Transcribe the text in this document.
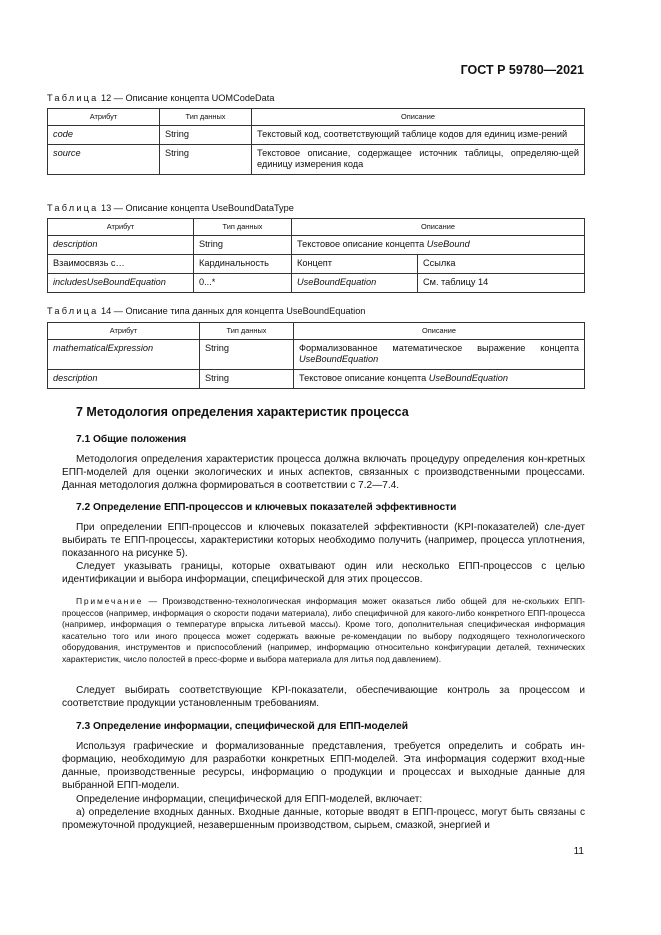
ГОСТ Р 59780—2021
Таблица 12 — Описание концепта UOMCodeData
Атрибут	Тип данных	Описание
code	String	Текстовый код, соответствующий таблице кодов для единиц изме-рений
source	String	Текстовое описание, содержащее источник таблицы, определяю-щей единицу измерения кода
Таблица 13 — Описание концепта UseBoundDataType
Атрибут	Тип данных	Описание	
description	String	Текстовое описание концепта UseBound	
Взаимосвязь с…	Кардинальность	Концепт	Ссылка
includesUseBoundEquation	0...*	UseBoundEquation	См. таблицу 14
Таблица 14 — Описание типа данных для концепта UseBoundEquation
Атрибут	Тип данных	Описание
mathematicalExpression	String	Формализованное математическое выражение концепта UseBoundEquation
description	String	Текстовое описание концепта UseBoundEquation
7 Методология определения характеристик процесса
7.1 Общие положения

Методология определения характеристик процесса должна включать процедуру определения кон-кретных ЕПП-моделей для оценки экологических и иных аспектов, связанных с производственными процессами. Данная методология должна формироваться в соответствии с 7.2—7.4.

7.2 Определение ЕПП-процессов и ключевых показателей эффективности

При определении ЕПП-процессов и ключевых показателей эффективности (KPI-показателей) сле-дует выбирать те ЕПП-процессы, характеристики которых необходимо получить (например, процесса уплотнения, показанного на рисунке 5).

Следует указывать границы, которые охватывают один или несколько ЕПП-процессов с целью идентификации и выбора информации, специфической для этих процессов.

Примечание — Производственно-технологическая информация может оказаться либо общей для не-скольких ЕПП-процессов (например, информация о скорости подачи материала), либо специфичной для какого-либо конкретного ЕПП-процесса (например, информация о температуре впрыска литьевой массы). Кроме того, дополнительная специфическая информация касательно того или иного процесса может содержать важные ре-комендации по выбору подходящего технологического оборудования, инструментов и приспособлений (например, информацию относительно конфигурации деталей, технических характеристик, число полостей в пресс-форме и выбора материала для литья под давлением).

Следует выбирать соответствующие KPI-показатели, обеспечивающие контроль за процессом и соответствие продукции установленным требованиям.

7.3 Определение информации, специфической для ЕПП-моделей

Используя графические и формализованные представления, требуется определить и собрать ин-формацию, необходимую для разработки конкретных ЕПП-моделей. Эта информация содержит вход-ные данные, производственные ресурсы, информацию о продукции и процессах и выходные данные для выбранной ЕПП-модели.

Определение информации, специфической для ЕПП-моделей, включает:

а) определение входных данных. Входные данные, которые вводят в ЕПП-процесс, могут быть связаны с промежуточной продукцией, незавершенным производством, сырьем, смазкой, энергией и

11
